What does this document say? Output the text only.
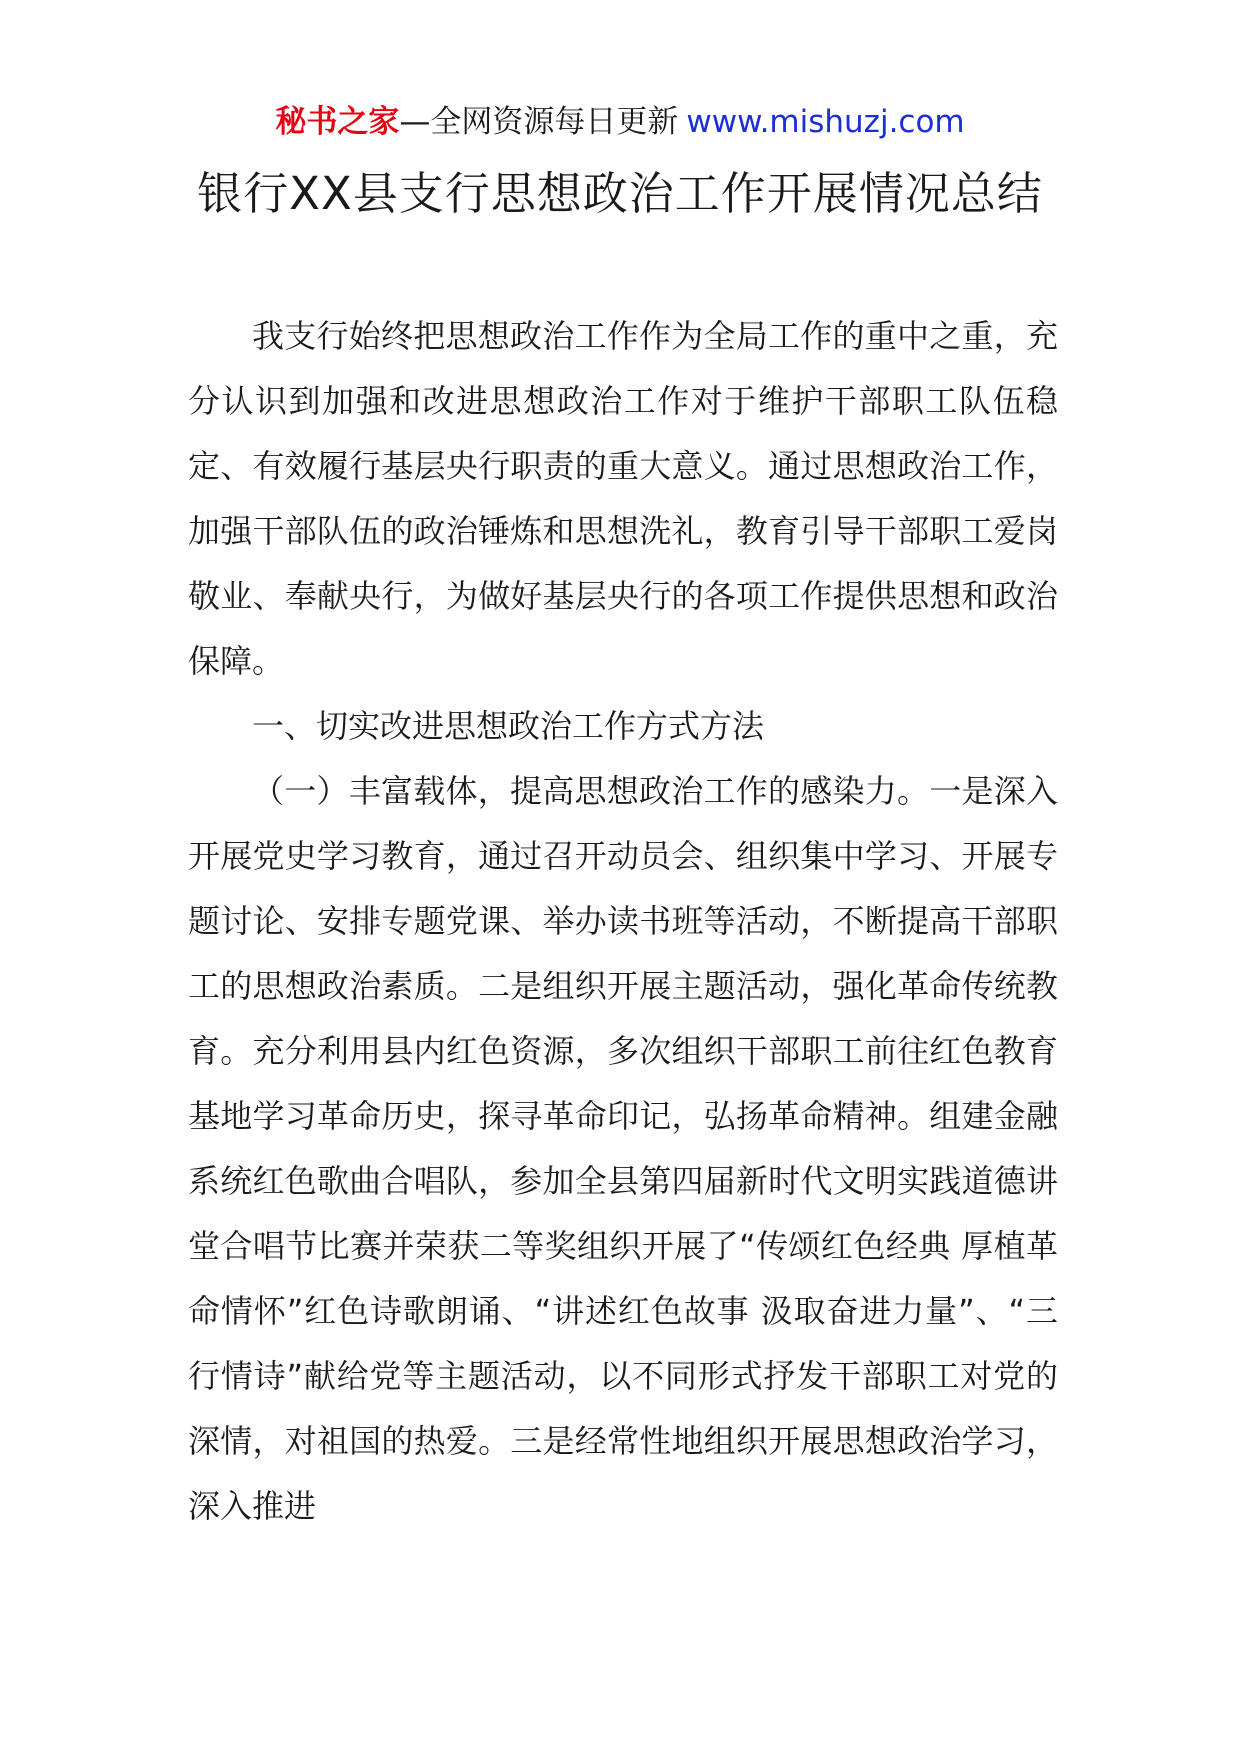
秘书之家—全网资源每日更新 www.mishuzj.com
银行XX县支行思想政治工作开展情况总结

我支行始终把思想政治工作作为全局工作的重中之重，充分认识到加强和改进思想政治工作对于维护干部职工队伍稳定、有效履行基层央行职责的重大意义。通过思想政治工作，加强干部队伍的政治锤炼和思想洗礼，教育引导干部职工爱岗敬业、奉献央行，为做好基层央行的各项工作提供思想和政治保障。

一、切实改进思想政治工作方式方法

（一）丰富载体，提高思想政治工作的感染力。一是深入开展党史学习教育，通过召开动员会、组织集中学习、开展专题讨论、安排专题党课、举办读书班等活动，不断提高干部职工的思想政治素质。二是组织开展主题活动，强化革命传统教育。充分利用县内红色资源，多次组织干部职工前往红色教育基地学习革命历史，探寻革命印记，弘扬革命精神。组建金融系统红色歌曲合唱队，参加全县第四届新时代文明实践道德讲堂合唱节比赛并荣获二等奖组织开展了“传颂红色经典 厚植革命情怀”红色诗歌朗诵、“讲述红色故事 汲取奋进力量”、“三行情诗”献给党等主题活动，以不同形式抒发干部职工对党的深情，对祖国的热爱。三是经常性地组织开展思想政治学习，深入推进
